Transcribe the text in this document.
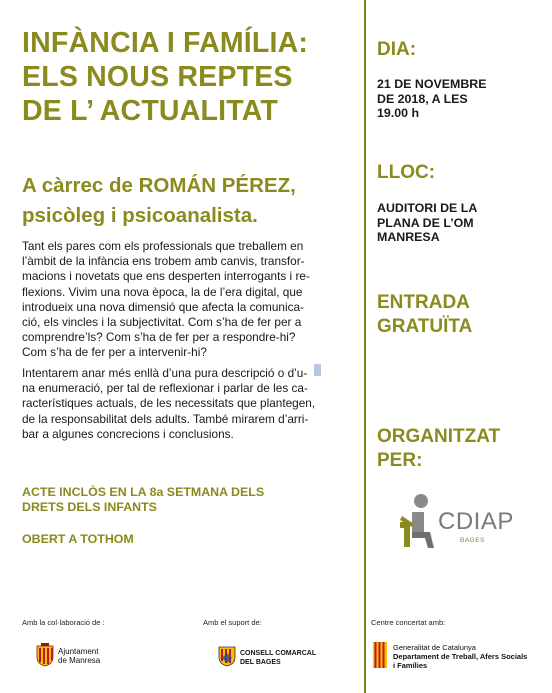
INFÀNCIA I FAMÍLIA:
ELS NOUS REPTES
DE L’ ACTUALITAT
A càrrec de ROMÁN PÉREZ,
psicòleg i psicoanalista.
Tant els pares com els professionals que treballem en
l’àmbit de la infància ens trobem amb canvis, transfor-
macions i novetats que ens desperten interrogants i re-
flexions. Vivim una nova època, la de l’era digital, que
introdueix una nova dimensió que afecta la comunica-
ció, els vincles i la subjectivitat. Com s’ha de fer per a
comprendre’ls? Com s’ha de fer per a respondre-hi?
Com s’ha de fer per a intervenir-hi?
Intentarem anar més enllà d’una pura descripció o d’u-
na enumeració, per tal de reflexionar i parlar de les ca-
racterístiques actuals, de les necessitats que plantegen,
de la responsabilitat dels adults. També mirarem d’arri-
bar a algunes concrecions i conclusions.
ACTE INCLÒS EN LA 8a SETMANA DELS
DRETS DELS INFANTS
OBERT A TOTHOM
DIA:
21 DE NOVEMBRE
DE 2018, A LES
19.00 h
LLOC:
AUDITORI DE LA
PLANA DE L’OM
MANRESA
ENTRADA
GRATUÏTA
ORGANITZAT
PER:
CDIAP
BAGES
Amb la col·laboració de :	Amb el suport de:	Centre concertat amb:
Ajuntament
de Manresa
CONSELL COMARCAL
DEL BAGES
Generalitat de Catalunya
Departament de Treball, Afers Socials
i Famílies
